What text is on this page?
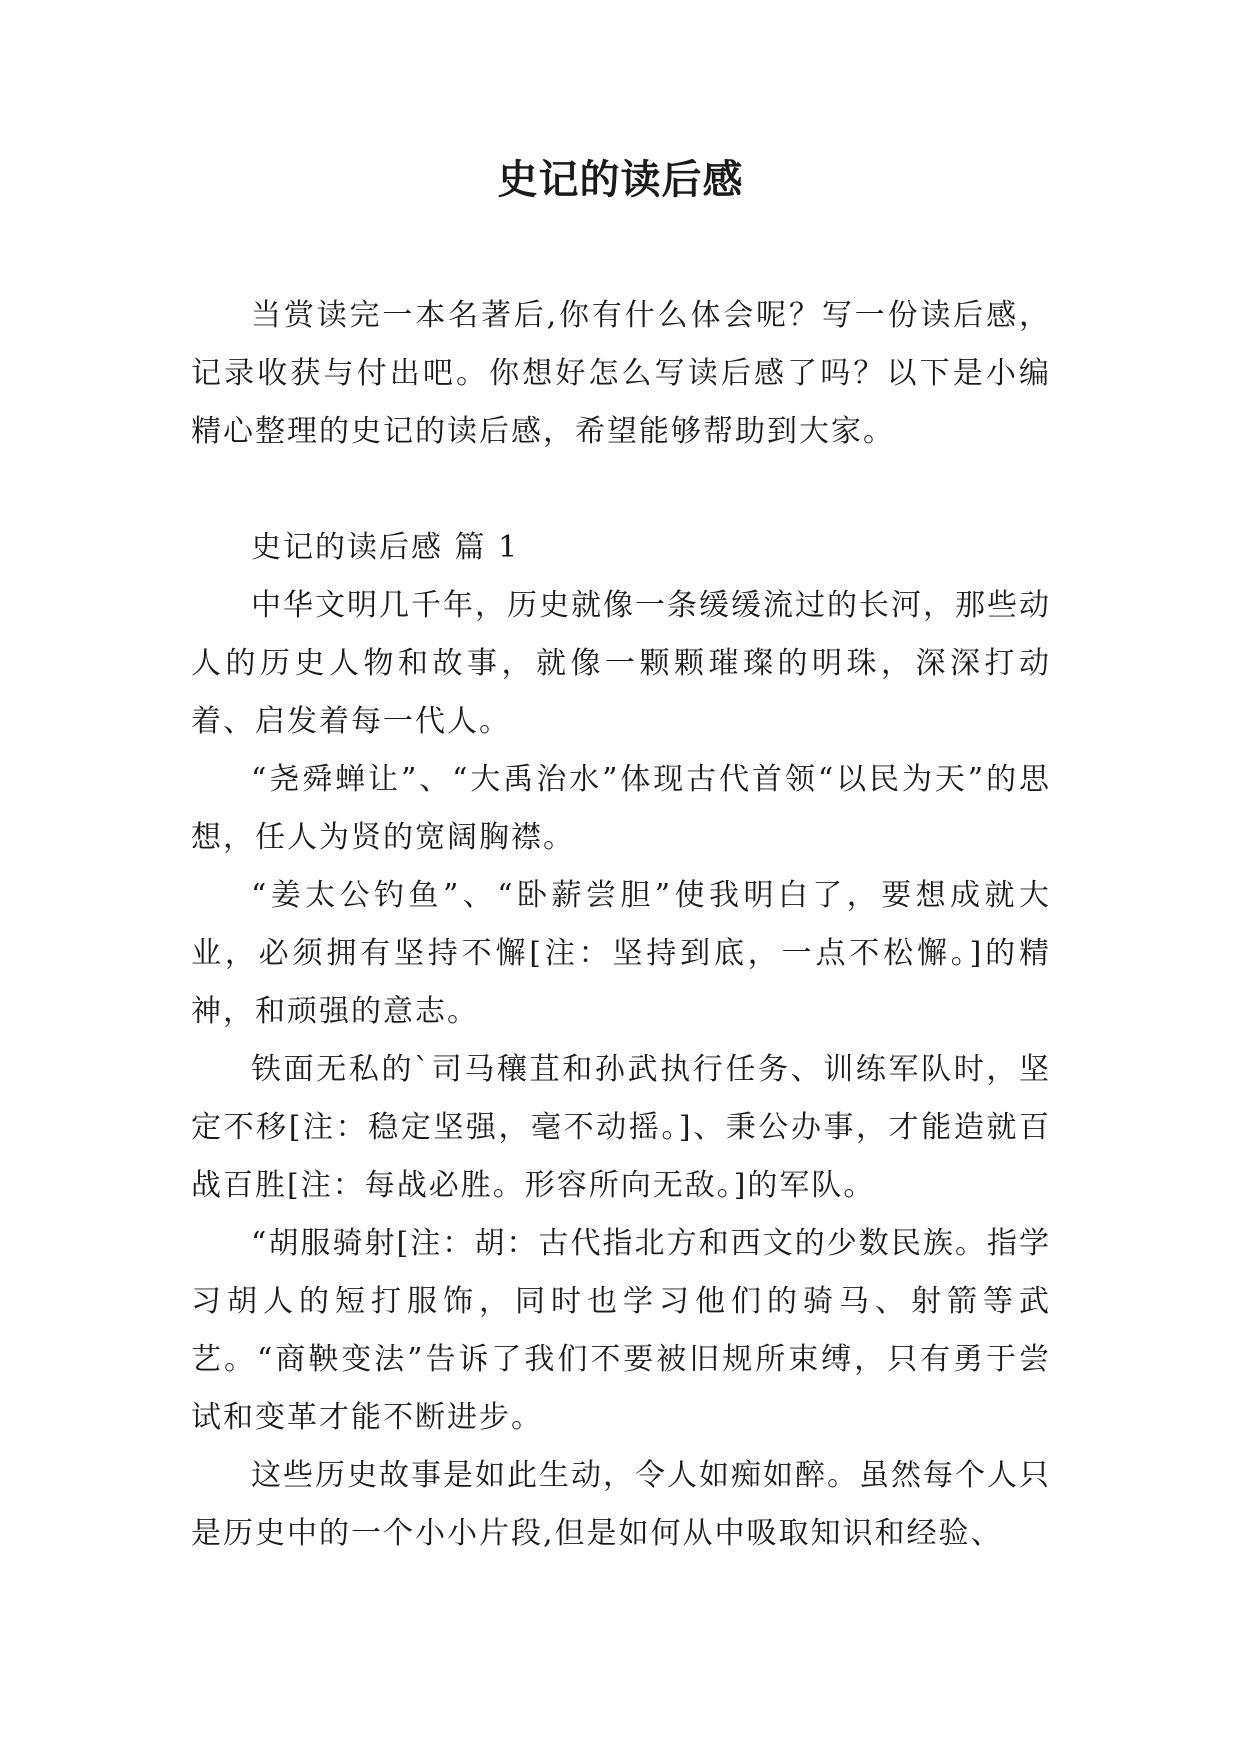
史记的读后感

当赏读完一本名著后,你有什么体会呢？写一份读后感，记录收获与付出吧。你想好怎么写读后感了吗？以下是小编精心整理的史记的读后感，希望能够帮助到大家。

史记的读后感 篇 1

中华文明几千年，历史就像一条缓缓流过的长河，那些动人的历史人物和故事，就像一颗颗璀璨的明珠，深深打动着、启发着每一代人。

“尧舜蝉让”、“大禹治水”体现古代首领“以民为天”的思想，任人为贤的宽阔胸襟。

“姜太公钓鱼”、“卧薪尝胆”使我明白了，要想成就大业，必须拥有坚持不懈[注：坚持到底，一点不松懈。]的精神，和顽强的意志。

铁面无私的`司马穰苴和孙武执行任务、训练军队时，坚定不移[注：稳定坚强，毫不动摇。]、秉公办事，才能造就百战百胜[注：每战必胜。形容所向无敌。]的军队。

“胡服骑射[注：胡：古代指北方和西文的少数民族。指学习胡人的短打服饰，同时也学习他们的骑马、射箭等武艺。“商鞅变法”告诉了我们不要被旧规所束缚，只有勇于尝试和变革才能不断进步。

这些历史故事是如此生动，令人如痴如醉。虽然每个人只是历史中的一个小小片段,但是如何从中吸取知识和经验、
